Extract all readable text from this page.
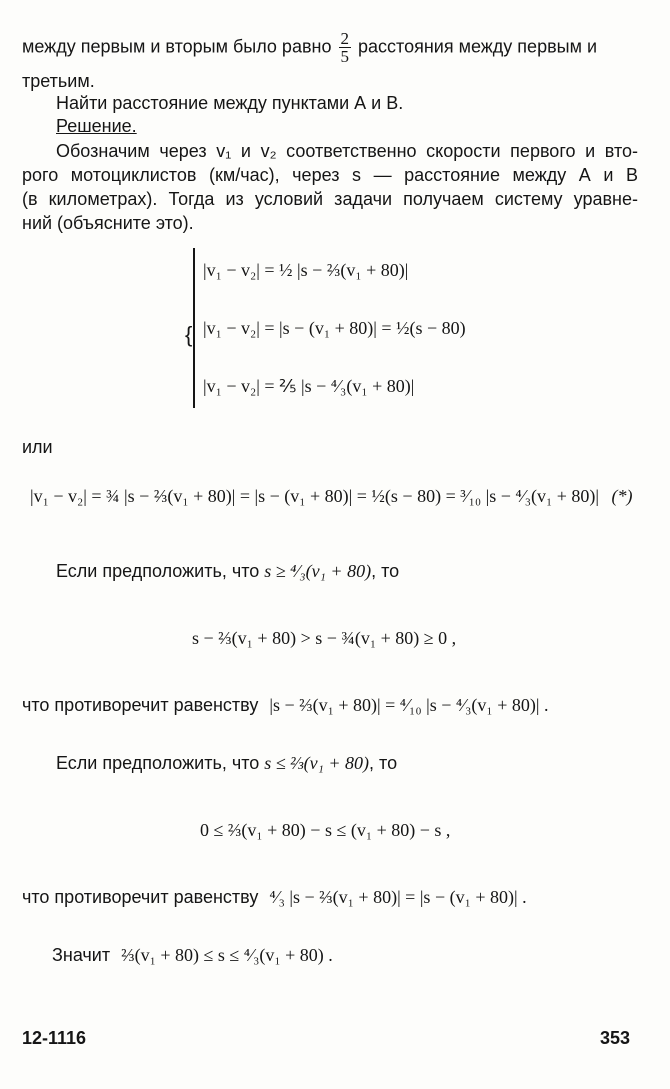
между первым и вторым было равно $\frac{2}{5}$ расстояния между первым и
третьим.
Найти расстояние между пунктами А и В.
Решение.
Обозначим через v₁ и v₂ соответственно скорости первого и вто-
рого мотоциклистов (км/час), через s — расстояние между А и В
(в километрах). Тогда из условий задачи получаем систему уравне-
ний (объясните это).
{
|v₁ − v₂| = ½ |s − ⅔(v₁ + 80)|
|v₁ − v₂| = |s − (v₁ + 80)| = ½(s − 80)
|v₁ − v₂| = ⅖ |s − ⁴⁄₃(v₁ + 80)|
или
|v₁ − v₂| = ¾ |s − ⅔(v₁ + 80)| = |s − (v₁ + 80)| = ½(s − 80) = ³⁄₁₀ |s − ⁴⁄₃(v₁ + 80)| (*)
Если предположить, что s ≥ ⁴⁄₃(v₁ + 80), то
s − ⅔(v₁ + 80) > s − ¾(v₁ + 80) ≥ 0 ,
что противоречит равенству |s − ⅔(v₁ + 80)| = ⁴⁄₁₀ |s − ⁴⁄₃(v₁ + 80)| .
Если предположить, что s ≤ ⅔(v₁ + 80), то
0 ≤ ⅔(v₁ + 80) − s ≤ (v₁ + 80) − s ,
что противоречит равенству ⁴⁄₃ |s − ⅔(v₁ + 80)| = |s − (v₁ + 80)| .
Значит ⅔(v₁ + 80) ≤ s ≤ ⁴⁄₃(v₁ + 80) .
12-1116	353
